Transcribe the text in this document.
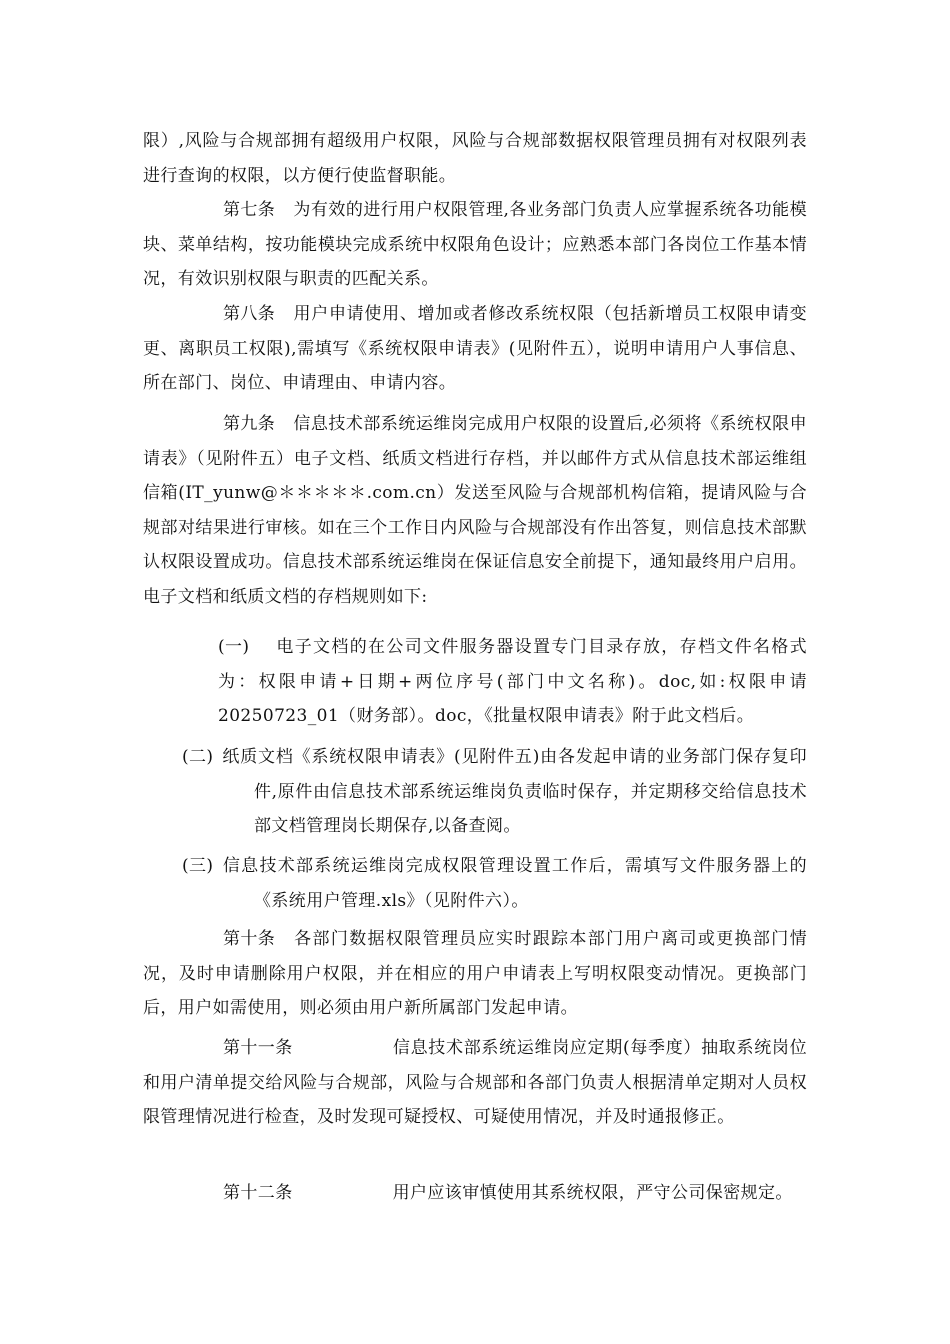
限）,风险与合规部拥有超级用户权限，风险与合规部数据权限管理员拥有对权限列表进行查询的权限，以方便行使监督职能。

第七条 为有效的进行用户权限管理,各业务部门负责人应掌握系统各功能模块、菜单结构，按功能模块完成系统中权限角色设计；应熟悉本部门各岗位工作基本情况，有效识别权限与职责的匹配关系。

第八条 用户申请使用、增加或者修改系统权限（包括新增员工权限申请变更、离职员工权限),需填写《系统权限申请表》(见附件五），说明申请用户人事信息、所在部门、岗位、申请理由、申请内容。

第九条 信息技术部系统运维岗完成用户权限的设置后,必须将《系统权限申请表》（见附件五）电子文档、纸质文档进行存档，并以邮件方式从信息技术部运维组信箱(IT_yunw@＊＊＊＊＊.com.cn）发送至风险与合规部机构信箱，提请风险与合规部对结果进行审核。如在三个工作日内风险与合规部没有作出答复，则信息技术部默认权限设置成功。信息技术部系统运维岗在保证信息安全前提下，通知最终用户启用。电子文档和纸质文档的存档规则如下:

(一) 电子文档的在公司文件服务器设置专门目录存放，存档文件名格式为：权限申请+日期+两位序号(部门中文名称)。doc,如:权限申请20250723_01（财务部）。doc，《批量权限申请表》附于此文档后。

(二) 纸质文档《系统权限申请表》(见附件五)由各发起申请的业务部门保存复印件,原件由信息技术部系统运维岗负责临时保存，并定期移交给信息技术部文档管理岗长期保存,以备查阅。

(三) 信息技术部系统运维岗完成权限管理设置工作后，需填写文件服务器上的《系统用户管理.xls》（见附件六）。

第十条 各部门数据权限管理员应实时跟踪本部门用户离司或更换部门情况，及时申请删除用户权限，并在相应的用户申请表上写明权限变动情况。更换部门后，用户如需使用，则必须由用户新所属部门发起申请。

第十一条	信息技术部系统运维岗应定期(每季度）抽取系统岗位和用户清单提交给风险与合规部，风险与合规部和各部门负责人根据清单定期对人员权限管理情况进行检查，及时发现可疑授权、可疑使用情况，并及时通报修正。

第十二条	用户应该审慎使用其系统权限，严守公司保密规定。
